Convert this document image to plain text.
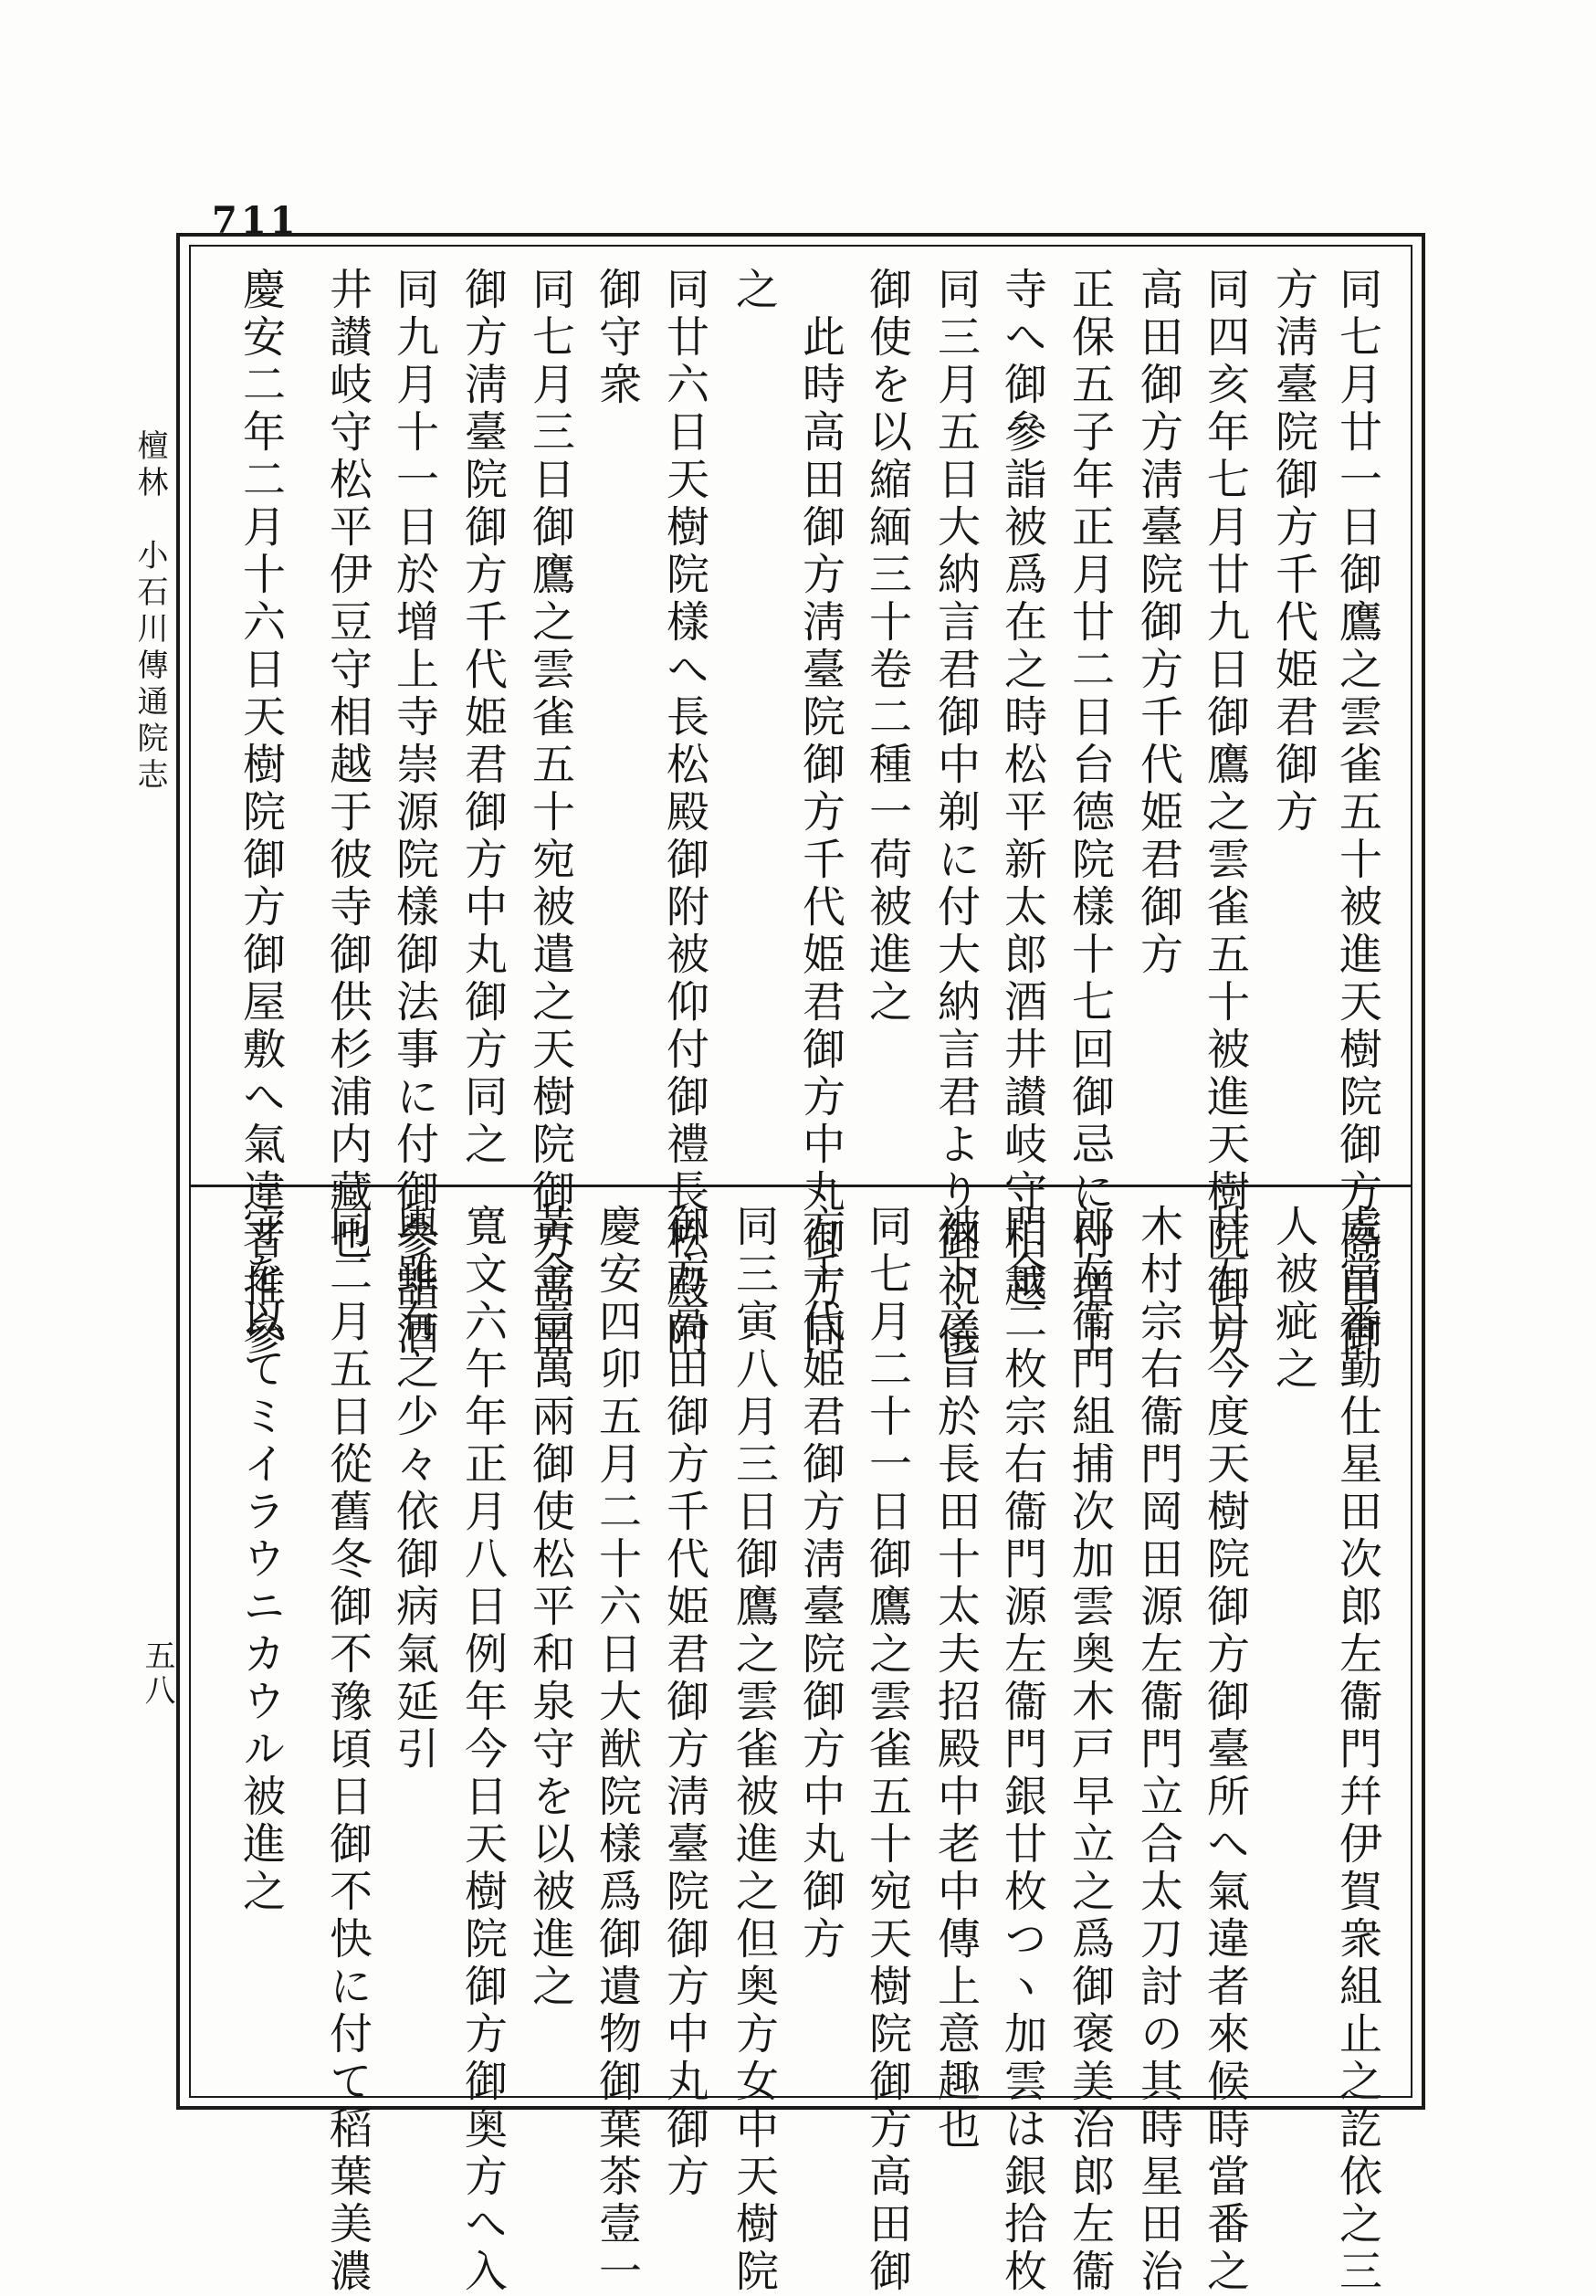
711
檀林　小石川傳通院志
五八
同七月廿一日御鷹之雲雀五十被進天樹院御方高田御
方淸臺院御方千代姫君御方
同四亥年七月廿九日御鷹之雲雀五十被進天樹院御方
高田御方淸臺院御方千代姫君御方
正保五子年正月廿二日台德院樣十七回御忌に付增上
寺へ御參詣被爲在之時松平新太郎酒井讃岐守相越
同三月五日大納言君御中剃に付大納言君より御祝儀
御使を以縮緬三十卷二種一荷被進之
　此時高田御方淸臺院御方千代姫君御方中丸御方同
之
同廿六日天樹院樣へ長松殿御附被仰付御禮長松殿附
御守衆
同七月三日御鷹之雲雀五十宛被遣之天樹院御方高田
御方淸臺院御方千代姫君御方中丸御方同之
同九月十一日於增上寺崇源院樣御法事に付御參詣酒
井讃岐守松平伊豆守相越于彼寺御供杉浦内藏也
慶安二年二月十六日天樹院御方御屋敷へ氣違者推參
處當番勤仕星田次郎左衞門幷伊賀衆組止之訖依之三
人被疵之
廿五日今度天樹院御方御臺所へ氣違者來候時當番之
木村宗右衞門岡田源左衞門立合太刀討の其時星田治
郎左衞門組捕次加雲奥木戸早立之爲御褒美治郎左衞
門金二枚宗右衞門源左衞門銀廿枚つヽ加雲は銀拾枚
被下之旨於長田十太夫招殿中老中傳上意趣也
同七月二十一日御鷹之雲雀五十宛天樹院御方高田御
方千代姫君御方淸臺院御方中丸御方
同三寅八月三日御鷹之雲雀被進之但奥方女中天樹院
御方高田御方千代姫君御方淸臺院御方中丸御方
慶安四卯五月二十六日大猷院樣爲御遺物御葉茶壹一
黃金壹萬兩御使松平和泉守を以被進之
寬文六午年正月八日例年今日天樹院御方御奥方へ入
輿雖有之少々依御病氣延引
同二月五日從舊冬御不豫頃日御不快に付て稻葉美濃
守を以てミイラウニカウル被進之
